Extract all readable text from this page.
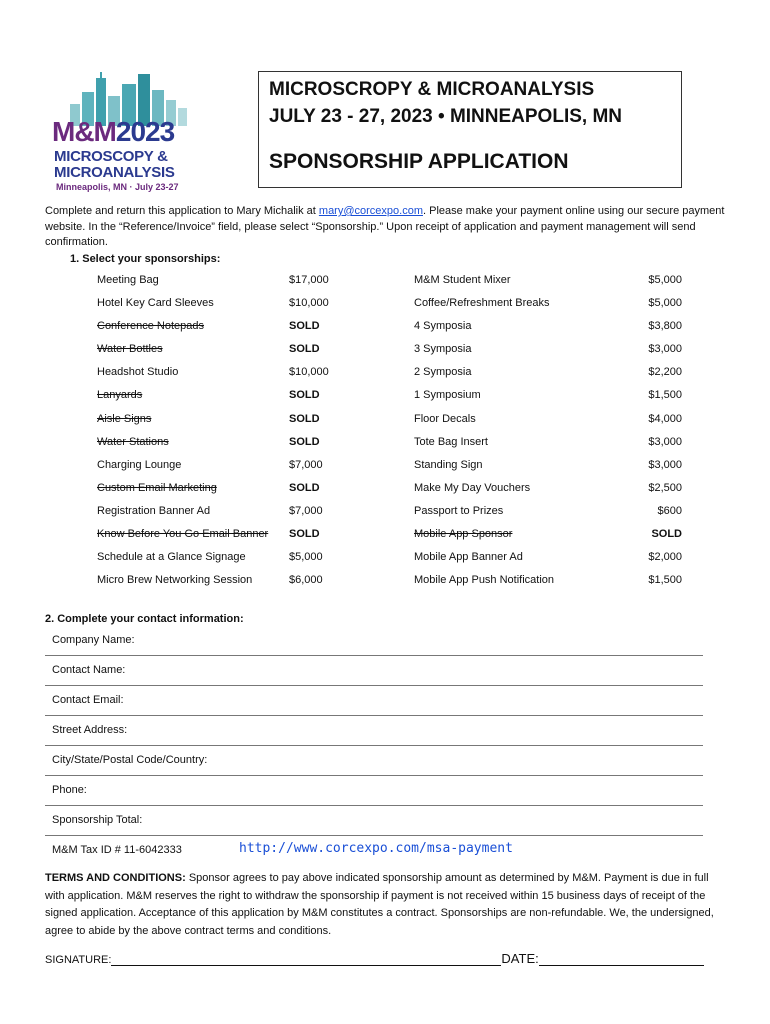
M&M2023
MICROSCOPY &
MICROANALYSIS
Minneapolis, MN · July 23-27
MICROSCROPY & MICROANALYSIS
JULY 23 - 27, 2023 • MINNEAPOLIS, MN
SPONSORSHIP APPLICATION
Complete and return this application to Mary Michalik at mary@corcexpo.com. Please make your payment online using our secure payment website. In the “Reference/Invoice” field, please select “Sponsorship.” Upon receipt of application and payment management will send confirmation.
1. Select your sponsorships:
Meeting Bag	$17,000	M&M Student Mixer	$5,000
Hotel Key Card Sleeves	$10,000	Coffee/Refreshment Breaks	$5,000
Conference Notepads	SOLD	4 Symposia	$3,800
Water Bottles	SOLD	3 Symposia	$3,000
Headshot Studio	$10,000	2 Symposia	$2,200
Lanyards	SOLD	1 Symposium	$1,500
Aisle Signs	SOLD	Floor Decals	$4,000
Water Stations	SOLD	Tote Bag Insert	$3,000
Charging Lounge	$7,000	Standing Sign	$3,000
Custom Email Marketing	SOLD	Make My Day Vouchers	$2,500
Registration Banner Ad	$7,000	Passport to Prizes	$600
Know Before You Go Email Banner SOLD	Mobile App Sponsor	SOLD
Schedule at a Glance Signage	$5,000	Mobile App Banner Ad	$2,000
Micro Brew Networking Session	$6,000	Mobile App Push Notification	$1,500
2. Complete your contact information:
Company Name:
Contact Name:
Contact Email:
Street Address:
City/State/Postal Code/Country:
Phone:
Sponsorship Total:
M&M Tax ID # 11-6042333	http://www.corcexpo.com/msa-payment
TERMS AND CONDITIONS: Sponsor agrees to pay above indicated sponsorship amount as determined by M&M. Payment is due in full with application. M&M reserves the right to withdraw the sponsorship if payment is not received within 15 business days of receipt of the signed application. Acceptance of this application by M&M constitutes a contract. Sponsorships are non-refundable. We, the undersigned, agree to abide by the above contract terms and conditions.
SIGNATURE:	DATE:
